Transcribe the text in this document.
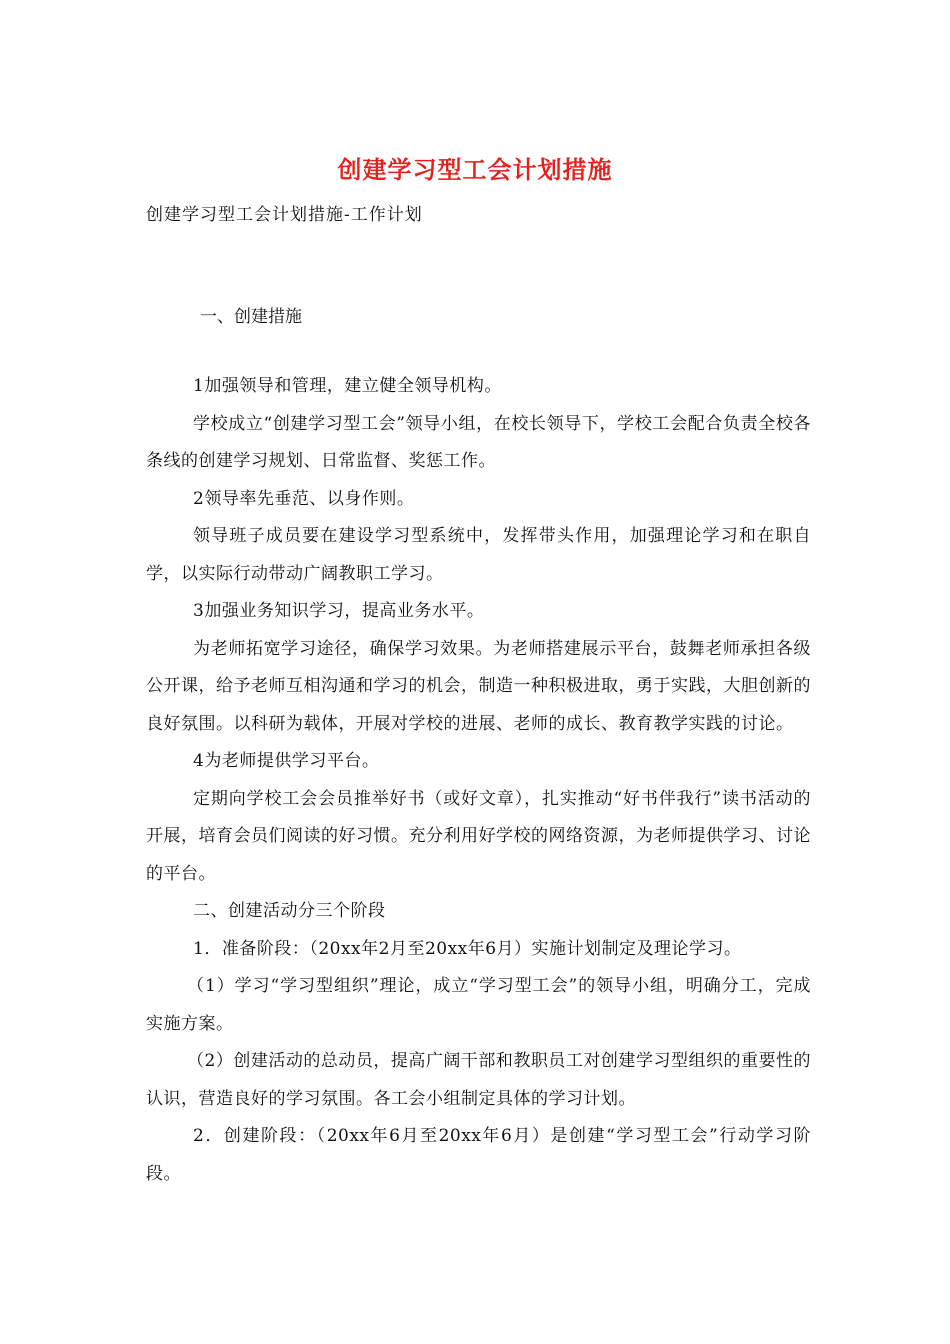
创建学习型工会计划措施
创建学习型工会计划措施-工作计划
一、创建措施

1加强领导和管理，建立健全领导机构。

学校成立“创建学习型工会”领导小组，在校长领导下，学校工会配合负责全校各条线的创建学习规划、日常监督、奖惩工作。

2领导率先垂范、以身作则。

领导班子成员要在建设学习型系统中，发挥带头作用，加强理论学习和在职自学，以实际行动带动广阔教职工学习。

3加强业务知识学习，提高业务水平。

为老师拓宽学习途径，确保学习效果。为老师搭建展示平台，鼓舞老师承担各级公开课，给予老师互相沟通和学习的机会，制造一种积极进取，勇于实践，大胆创新的良好氛围。以科研为载体，开展对学校的进展、老师的成长、教育教学实践的讨论。

4为老师提供学习平台。

定期向学校工会会员推举好书（或好文章），扎实推动“好书伴我行”读书活动的开展，培育会员们阅读的好习惯。充分利用好学校的网络资源，为老师提供学习、讨论的平台。

二、创建活动分三个阶段

1．准备阶段：（20xx年2月至20xx年6月）实施计划制定及理论学习。

（1）学习“学习型组织”理论，成立“学习型工会”的领导小组，明确分工，完成实施方案。

（2）创建活动的总动员，提高广阔干部和教职员工对创建学习型组织的重要性的认识，营造良好的学习氛围。各工会小组制定具体的学习计划。

2．创建阶段：（20xx年6月至20xx年6月）是创建“学习型工会”行动学习阶段。
